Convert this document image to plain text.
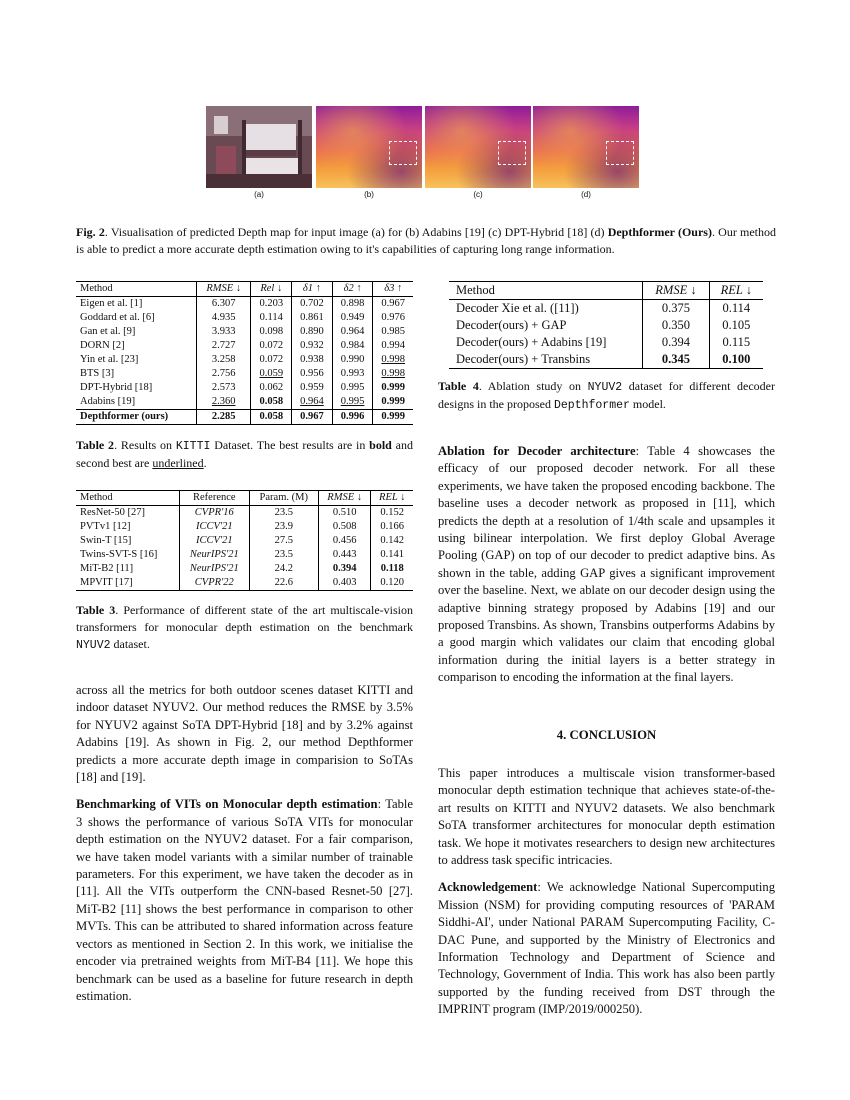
(a)	(b)	(c)	(d)
Fig. 2. Visualisation of predicted Depth map for input image (a) for (b) Adabins [19] (c) DPT-Hybrid [18] (d) Depthformer (Ours). Our method is able to predict a more accurate depth estimation owing to it's capabilities of capturing long range information.
Method	RMSE ↓	Rel ↓	δ1 ↑	δ2 ↑	δ3 ↑
Eigen et al. [1]	6.307	0.203	0.702	0.898	0.967
Goddard et al. [6]	4.935	0.114	0.861	0.949	0.976
Gan et al. [9]	3.933	0.098	0.890	0.964	0.985
DORN [2]	2.727	0.072	0.932	0.984	0.994
Yin et al. [23]	3.258	0.072	0.938	0.990	0.998
BTS [3]	2.756	0.059	0.956	0.993	0.998
DPT-Hybrid [18]	2.573	0.062	0.959	0.995	0.999
Adabins [19]	2.360	0.058	0.964	0.995	0.999
Depthformer (ours)	2.285	0.058	0.967	0.996	0.999
Table 2. Results on KITTI Dataset. The best results are in bold and second best are underlined.
Method	Reference	Param. (M)	RMSE ↓	REL ↓
ResNet-50 [27]	CVPR'16	23.5	0.510	0.152
PVTv1 [12]	ICCV'21	23.9	0.508	0.166
Swin-T [15]	ICCV'21	27.5	0.456	0.142
Twins-SVT-S [16]	NeurIPS'21	23.5	0.443	0.141
MiT-B2 [11]	NeurIPS'21	24.2	0.394	0.118
MPVIT [17]	CVPR'22	22.6	0.403	0.120
Table 3. Performance of different state of the art multiscale-vision transformers for monocular depth estimation on the benchmark NYUV2 dataset.
Method	RMSE ↓	REL ↓
Decoder Xie et al. ([11])	0.375	0.114
Decoder(ours) + GAP	0.350	0.105
Decoder(ours) + Adabins [19]	0.394	0.115
Decoder(ours) + Transbins	0.345	0.100
Table 4. Ablation study on NYUV2 dataset for different decoder designs in the proposed Depthformer model.

across all the metrics for both outdoor scenes dataset KITTI and indoor dataset NYUV2. Our method reduces the RMSE by 3.5% for NYUV2 against SoTA DPT-Hybrid [18] and by 3.2% against Adabins [19]. As shown in Fig. 2, our method Depthformer predicts a more accurate depth image in comparision to SoTAs [18] and [19].

Benchmarking of VITs on Monocular depth estimation: Table 3 shows the performance of various SoTA VITs for monocular depth estimation on the NYUV2 dataset. For a fair comparison, we have taken model variants with a similar number of trainable parameters. For this experiment, we have taken the decoder as in [11]. All the VITs outperform the CNN-based Resnet-50 [27]. MiT-B2 [11] shows the best performance in comparison to other MVTs. This can be attributed to shared information across feature vectors as mentioned in Section 2. In this work, we initialise the encoder via pretrained weights from MiT-B4 [11]. We hope this benchmark can be used as a baseline for future research in depth estimation.

Ablation for Decoder architecture: Table 4 showcases the efficacy of our proposed decoder network. For all these experiments, we have taken the proposed encoding backbone. The baseline uses a decoder network as proposed in [11], which predicts the depth at a resolution of 1/4th scale and upsamples it using bilinear interpolation. We first deploy Global Average Pooling (GAP) on top of our decoder to predict adaptive bins. As shown in the table, adding GAP gives a significant improvement over the baseline. Next, we ablate on our decoder design using the adaptive binning strategy proposed by Adabins [19] and our proposed Transbins. As shown, Transbins outperforms Adabins by a good margin which validates our claim that encoding global information during the initial layers is a better strategy in comparison to encoding the information at the final layers.

4. CONCLUSION

This paper introduces a multiscale vision transformer-based monocular depth estimation technique that achieves state-of-the-art results on KITTI and NYUV2 datasets. We also benchmark SoTA transformer architectures for monocular depth estimation task. We hope it motivates researchers to design new architectures to address task specific intricacies.

Acknowledgement: We acknowledge National Supercomputing Mission (NSM) for providing computing resources of 'PARAM Siddhi-AI', under National PARAM Supercomputing Facility, C-DAC Pune, and supported by the Ministry of Electronics and Information Technology and Department of Science and Technology, Government of India. This work has also been partly supported by the funding received from DST through the IMPRINT program (IMP/2019/000250).
